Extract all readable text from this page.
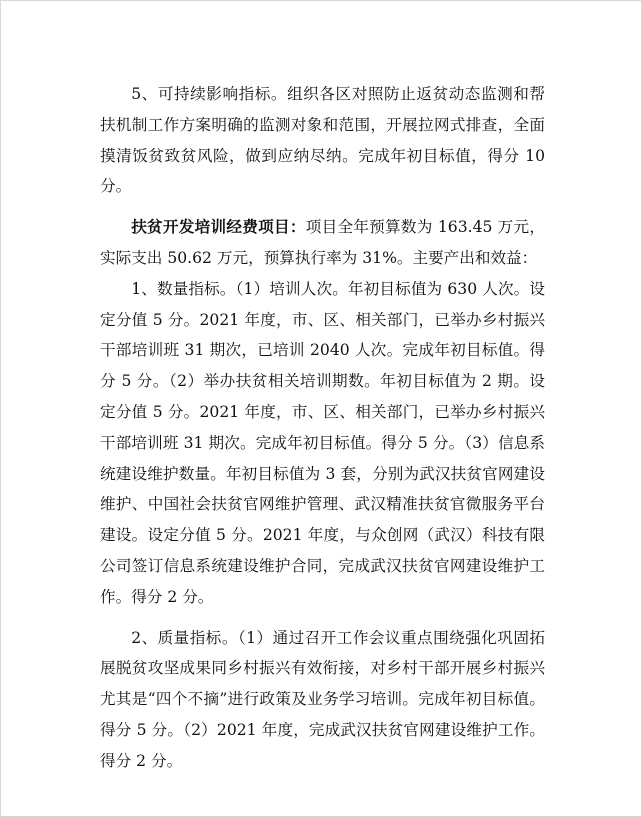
5、可持续影响指标。组织各区对照防止返贫动态监测和帮扶机制工作方案明确的监测对象和范围，开展拉网式排查，全面摸清饭贫致贫风险，做到应纳尽纳。完成年初目标值，得分 10 分。

扶贫开发培训经费项目：项目全年预算数为 163.45 万元，实际支出 50.62 万元，预算执行率为 31%。主要产出和效益：

1、数量指标。（1）培训人次。年初目标值为 630 人次。设定分值 5 分。2021 年度，市、区、相关部门，已举办乡村振兴干部培训班 31 期次，已培训 2040 人次。完成年初目标值。得分 5 分。（2）举办扶贫相关培训期数。年初目标值为 2 期。设定分值 5 分。2021 年度，市、区、相关部门，已举办乡村振兴干部培训班 31 期次。完成年初目标值。得分 5 分。（3）信息系统建设维护数量。年初目标值为 3 套，分别为武汉扶贫官网建设维护、中国社会扶贫官网维护管理、武汉精准扶贫官微服务平台建设。设定分值 5 分。2021 年度，与众创网（武汉）科技有限公司签订信息系统建设维护合同，完成武汉扶贫官网建设维护工作。得分 2 分。

2、质量指标。（1）通过召开工作会议重点围绕强化巩固拓展脱贫攻坚成果同乡村振兴有效衔接，对乡村干部开展乡村振兴尤其是“四个不摘”进行政策及业务学习培训。完成年初目标值。得分 5 分。（2）2021 年度，完成武汉扶贫官网建设维护工作。得分 2 分。
